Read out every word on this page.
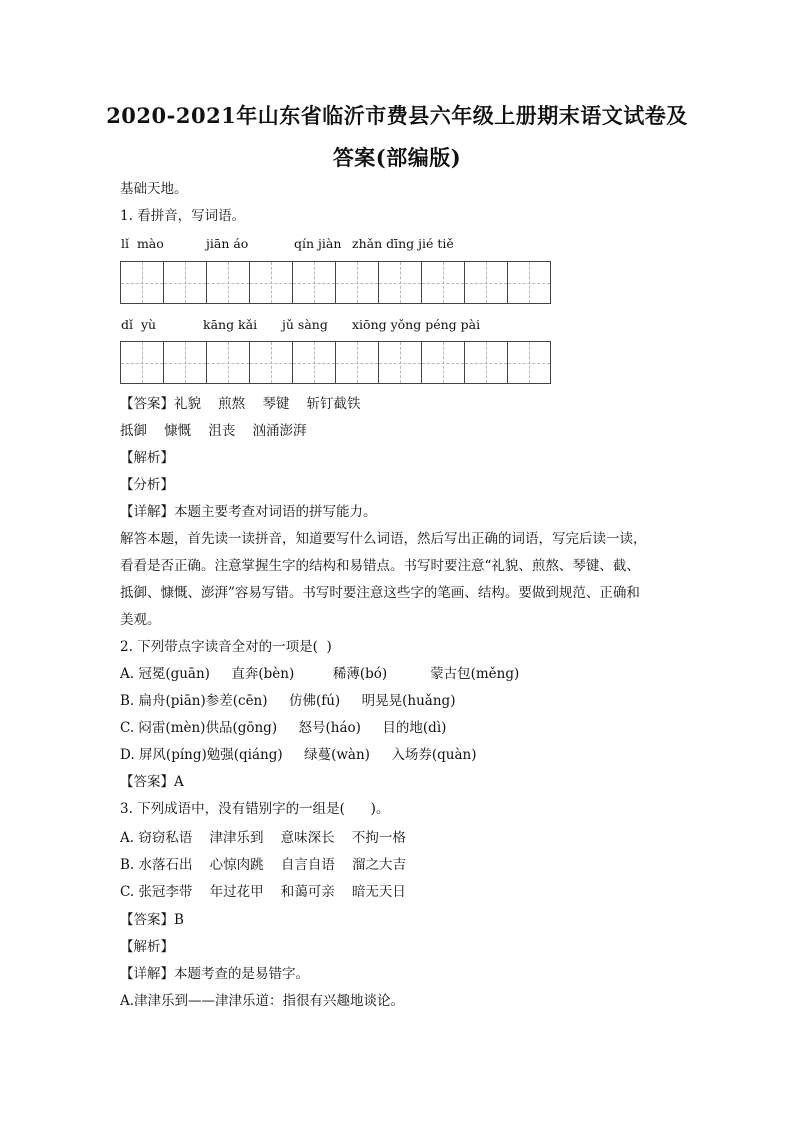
2020-2021年山东省临沂市费县六年级上册期末语文试卷及
答案(部编版)
基础天地。
1. 看拼音，写词语。
lǐ  mào	jiān áo	qín jiàn zhǎn dīng jié tiě
dǐ  yù	kāng kǎi jǔ sàng xiōng yǒng péng pài
【答案】礼貌    煎熬    琴键    斩钉截铁
抵御    慷慨    沮丧    汹涌澎湃
【解析】
【分析】
【详解】本题主要考查对词语的拼写能力。
解答本题，首先读一读拼音，知道要写什么词语，然后写出正确的词语，写完后读一读，
看看是否正确。注意掌握生字的结构和易错点。书写时要注意“礼貌、煎熬、琴键、截、
抵御、慷慨、澎湃”容易写错。书写时要注意这些字的笔画、结构。要做到规范、正确和
美观。
2. 下列带点字读音全对的一项是(  )
A. 冠冕(guān)     直奔(bèn)         稀薄(bó)          蒙古包(měng)
B. 扁舟(piān)参差(cēn)     仿佛(fú)     明晃晃(huǎng)
C. 闷雷(mèn)供品(gōng)     怒号(háo)     目的地(dì)
D. 屏风(píng)勉强(qiáng)     绿蔓(wàn)     入场券(quàn)
【答案】A
3. 下列成语中，没有错别字的一组是(      )。
A. 窃窃私语    津津乐到    意味深长    不拘一格
B. 水落石出    心惊肉跳    自言自语    溜之大吉
C. 张冠李带    年过花甲    和蔼可亲    暗无天日
【答案】B
【解析】
【详解】本题考查的是易错字。
A.津津乐到——津津乐道：指很有兴趣地谈论。
